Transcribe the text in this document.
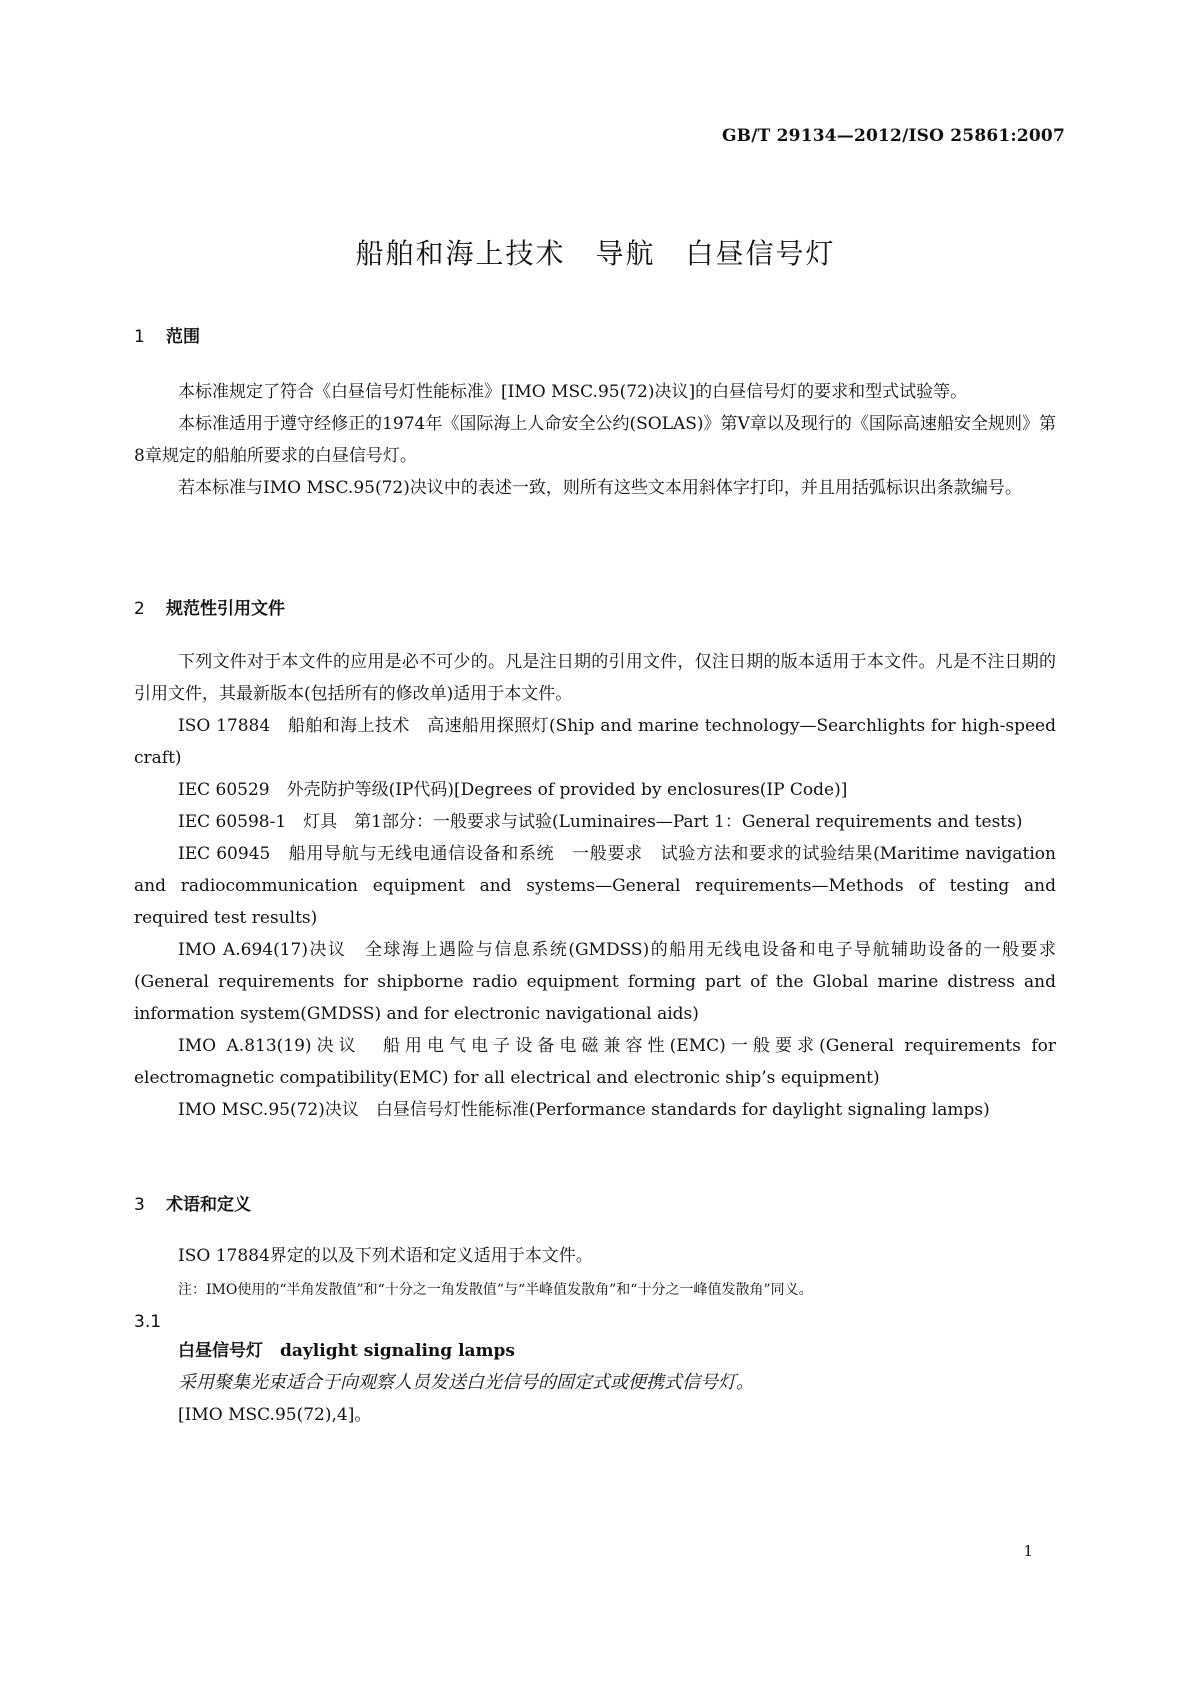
GB/T 29134—2012/ISO 25861:2007
船舶和海上技术　导航　白昼信号灯
1 范围

本标准规定了符合《白昼信号灯性能标准》[IMO MSC.95(72)决议]的白昼信号灯的要求和型式试验等。

本标准适用于遵守经修正的1974年《国际海上人命安全公约(SOLAS)》第Ⅴ章以及现行的《国际高速船安全规则》第8章规定的船舶所要求的白昼信号灯。

若本标准与IMO MSC.95(72)决议中的表述一致，则所有这些文本用斜体字打印，并且用括弧标识出条款编号。

2 规范性引用文件

下列文件对于本文件的应用是必不可少的。凡是注日期的引用文件，仅注日期的版本适用于本文件。凡是不注日期的引用文件，其最新版本(包括所有的修改单)适用于本文件。

ISO 17884　船舶和海上技术　高速船用探照灯(Ship and marine technology—Searchlights for high-speed craft)

IEC 60529　外壳防护等级(IP代码)[Degrees of provided by enclosures(IP Code)]

IEC 60598-1　灯具　第1部分：一般要求与试验(Luminaires—Part 1：General requirements and tests)

IEC 60945　船用导航与无线电通信设备和系统　一般要求　试验方法和要求的试验结果(Maritime navigation and radiocommunication equipment and systems—General requirements—Methods of testing and required test results)

IMO A.694(17)决议　全球海上遇险与信息系统(GMDSS)的船用无线电设备和电子导航辅助设备的一般要求(General requirements for shipborne radio equipment forming part of the Global marine distress and information system(GMDSS) and for electronic navigational aids)

IMO A.813(19)决议　船用电气电子设备电磁兼容性(EMC)一般要求(General requirements for electromagnetic compatibility(EMC) for all electrical and electronic ship’s equipment)

IMO MSC.95(72)决议　白昼信号灯性能标准(Performance standards for daylight signaling lamps)

3 术语和定义

ISO 17884界定的以及下列术语和定义适用于本文件。

注：IMO使用的“半角发散值”和“十分之一角发散值”与“半峰值发散角”和“十分之一峰值发散角”同义。
3.1
白昼信号灯　 daylight signaling lamps
采用聚集光束适合于向观察人员发送白光信号的固定式或便携式信号灯。
[IMO MSC.95(72),4]。
1
